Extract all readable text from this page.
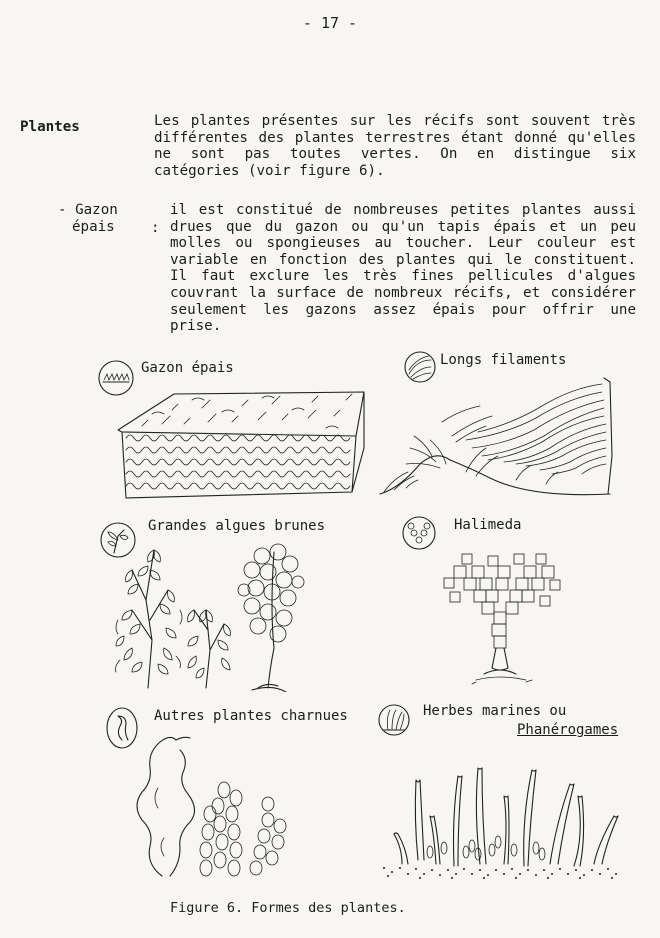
- 17 -
Plantes	Les plantes présentes sur les récifs sont souvent très
différentes des plantes terrestres étant donné qu'elles
ne sont pas toutes vertes. On en distingue six
catégories (voir figure 6).
- Gazon
épais	:
il est constitué de nombreuses petites plantes aussi
drues que du gazon ou qu'un tapis épais et un peu
molles ou spongieuses au toucher. Leur couleur est
variable en fonction des plantes qui le constituent.
Il faut exclure les très fines pellicules d'algues
couvrant la surface de nombreux récifs, et considérer
seulement les gazons assez épais pour offrir une
prise.
Gazon épais	Longs filaments
Grandes algues brunes	Halimeda
Autres plantes charnues	Herbes marines ou
Phanérogames
Figure 6. Formes des plantes.
